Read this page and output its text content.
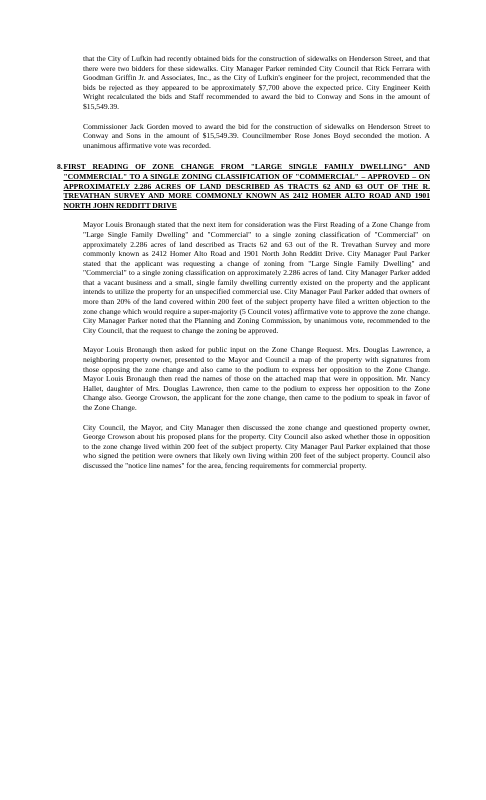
that the City of Lufkin had recently obtained bids for the construction of sidewalks on Henderson Street, and that there were two bidders for these sidewalks. City Manager Parker reminded City Council that Rick Ferrara with Goodman Griffin Jr. and Associates, Inc., as the City of Lufkin's engineer for the project, recommended that the bids be rejected as they appeared to be approximately $7,700 above the expected price. City Engineer Keith Wright recalculated the bids and Staff recommended to award the bid to Conway and Sons in the amount of $15,549.39.

Commissioner Jack Gorden moved to award the bid for the construction of sidewalks on Henderson Street to Conway and Sons in the amount of $15,549.39. Councilmember Rose Jones Boyd seconded the motion. A unanimous affirmative vote was recorded.

8. FIRST READING OF ZONE CHANGE FROM "LARGE SINGLE FAMILY DWELLING" AND "COMMERCIAL" TO A SINGLE ZONING CLASSIFICATION OF "COMMERCIAL" – APPROVED – ON APPROXIMATELY 2.286 ACRES OF LAND DESCRIBED AS TRACTS 62 AND 63 OUT OF THE R. TREVATHAN SURVEY AND MORE COMMONLY KNOWN AS 2412 HOMER ALTO ROAD AND 1901 NORTH JOHN REDDITT DRIVE

Mayor Louis Bronaugh stated that the next item for consideration was the First Reading of a Zone Change from "Large Single Family Dwelling" and "Commercial" to a single zoning classification of "Commercial" on approximately 2.286 acres of land described as Tracts 62 and 63 out of the R. Trevathan Survey and more commonly known as 2412 Homer Alto Road and 1901 North John Redditt Drive. City Manager Paul Parker stated that the applicant was requesting a change of zoning from "Large Single Family Dwelling" and "Commercial" to a single zoning classification on approximately 2.286 acres of land. City Manager Parker added that a vacant business and a small, single family dwelling currently existed on the property and the applicant intends to utilize the property for an unspecified commercial use. City Manager Paul Parker added that owners of more than 20% of the land covered within 200 feet of the subject property have filed a written objection to the zone change which would require a super-majority (5 Council votes) affirmative vote to approve the zone change. City Manager Parker noted that the Planning and Zoning Commission, by unanimous vote, recommended to the City Council, that the request to change the zoning be approved.

Mayor Louis Bronaugh then asked for public input on the Zone Change Request. Mrs. Douglas Lawrence, a neighboring property owner, presented to the Mayor and Council a map of the property with signatures from those opposing the zone change and also came to the podium to express her opposition to the Zone Change. Mayor Louis Bronaugh then read the names of those on the attached map that were in opposition. Mr. Nancy Hallet, daughter of Mrs. Douglas Lawrence, then came to the podium to express her opposition to the Zone Change also. George Crowson, the applicant for the zone change, then came to the podium to speak in favor of the Zone Change.

City Council, the Mayor, and City Manager then discussed the zone change and questioned property owner, George Crowson about his proposed plans for the property. City Council also asked whether those in opposition to the zone change lived within 200 feet of the subject property. City Manager Paul Parker explained that those who signed the petition were owners that likely own living within 200 feet of the subject property. Council also discussed the "notice line names" for the area, fencing requirements for commercial property.
